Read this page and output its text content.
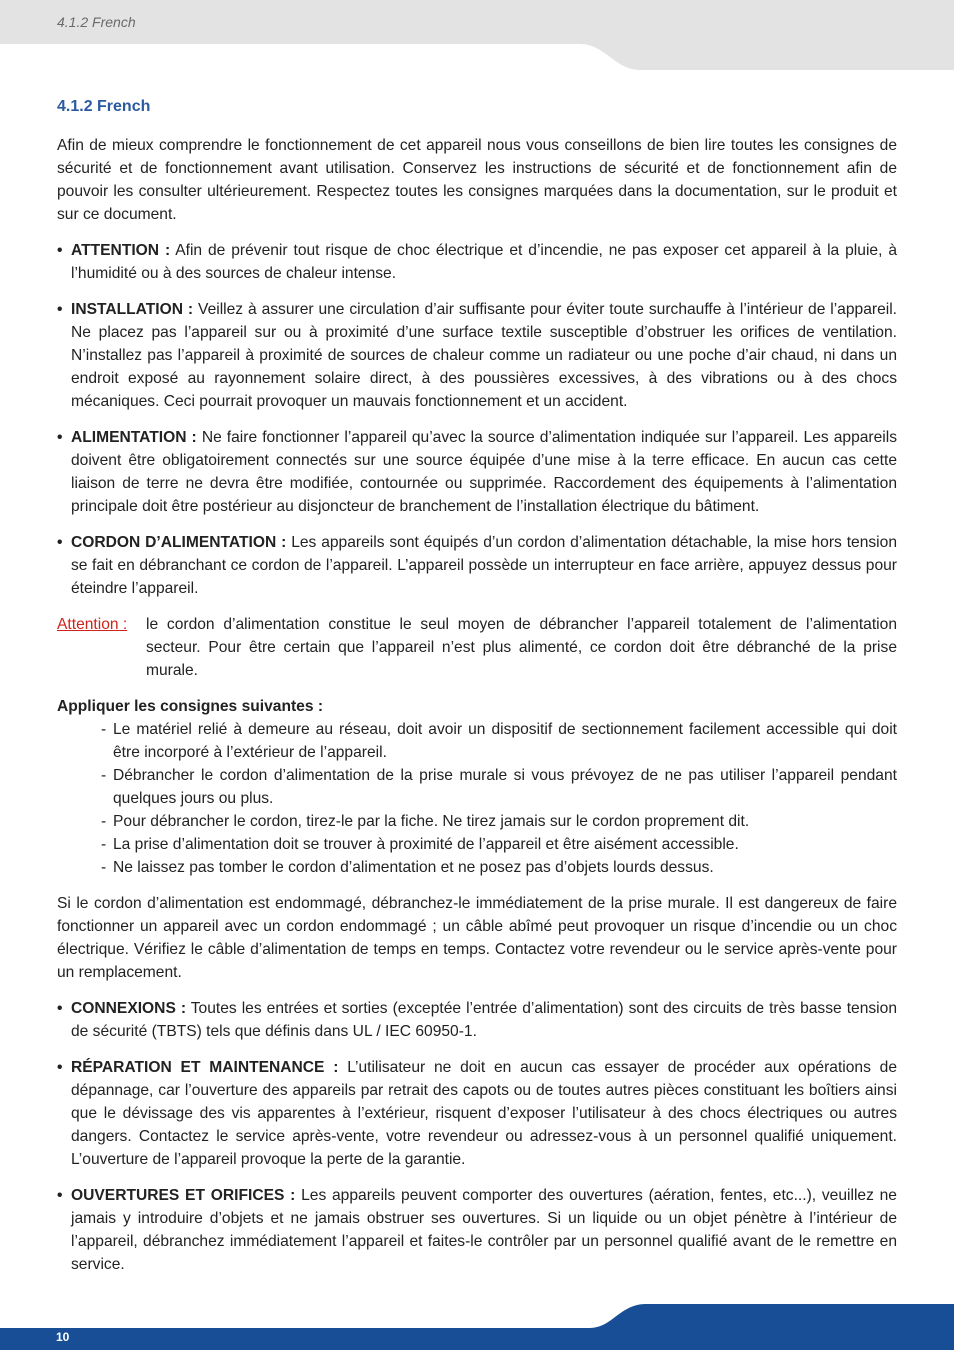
4.1.2 French
4.1.2 French

Afin de mieux comprendre le fonctionnement de cet appareil nous vous conseillons de bien lire toutes les consignes de sécurité et de fonctionnement avant utilisation. Conservez les instructions de sécurité et de fonctionnement afin de pouvoir les consulter ultérieurement. Respectez toutes les consignes marquées dans la documentation, sur le produit et sur ce document.

• ATTENTION : Afin de prévenir tout risque de choc électrique et d’incendie, ne pas exposer cet appareil à la pluie, à l’humidité ou à des sources de chaleur intense.
• INSTALLATION : Veillez à assurer une circulation d’air suffisante pour éviter toute surchauffe à l’intérieur de l’appareil. Ne placez pas l’appareil sur ou à proximité d’une surface textile susceptible d’obstruer les orifices de ventilation. N’installez pas l’appareil à proximité de sources de chaleur comme un radiateur ou une poche d’air chaud, ni dans un endroit exposé au rayonnement solaire direct, à des poussières excessives, à des vibrations ou à des chocs mécaniques. Ceci pourrait provoquer un mauvais fonctionnement et un accident.
• ALIMENTATION : Ne faire fonctionner l’appareil qu’avec la source d’alimentation indiquée sur l’appareil. Les appareils doivent être obligatoirement connectés sur une source équipée d’une mise à la terre efficace. En aucun cas cette liaison de terre ne devra être modifiée, contournée ou supprimée. Raccordement des équipements à l’alimentation principale doit être postérieur au disjoncteur de branchement de l’installation électrique du bâtiment.
• CORDON D’ALIMENTATION : Les appareils sont équipés d’un cordon d’alimentation détachable, la mise hors tension se fait en débranchant ce cordon de l’appareil. L’appareil possède un interrupteur en face arrière, appuyez dessus pour éteindre l’appareil.
Attention :	le cordon d’alimentation constitue le seul moyen de débrancher l’appareil totalement de l’alimentation secteur. Pour être certain que l’appareil n’est plus alimenté, ce cordon doit être débranché de la prise murale.

Appliquer les consignes suivantes :

- Le matériel relié à demeure au réseau, doit avoir un dispositif de sectionnement facilement accessible qui doit être incorporé à l’extérieur de l’appareil.
- Débrancher le cordon d’alimentation de la prise murale si vous prévoyez de ne pas utiliser l’appareil pendant quelques jours ou plus.
- Pour débrancher le cordon, tirez-le par la fiche. Ne tirez jamais sur le cordon proprement dit.
- La prise d’alimentation doit se trouver à proximité de l’appareil et être aisément accessible.
- Ne laissez pas tomber le cordon d’alimentation et ne posez pas d’objets lourds dessus.

Si le cordon d’alimentation est endommagé, débranchez-le immédiatement de la prise murale. Il est dangereux de faire fonctionner un appareil avec un cordon endommagé ; un câble abîmé peut provoquer un risque d’incendie ou un choc électrique. Vérifiez le câble d’alimentation de temps en temps. Contactez votre revendeur ou le service après-vente pour un remplacement.

• CONNEXIONS : Toutes les entrées et sorties (exceptée l’entrée d’alimentation) sont des circuits de très basse tension de sécurité (TBTS) tels que définis dans UL / IEC 60950-1.
• RÉPARATION ET MAINTENANCE : L’utilisateur ne doit en aucun cas essayer de procéder aux opérations de dépannage, car l’ouverture des appareils par retrait des capots ou de toutes autres pièces constituant les boîtiers ainsi que le dévissage des vis apparentes à l’extérieur, risquent d’exposer l’utilisateur à des chocs électriques ou autres dangers. Contactez le service après-vente, votre revendeur ou adressez-vous à un personnel qualifié uniquement. L’ouverture de l’appareil provoque la perte de la garantie.
• OUVERTURES ET ORIFICES : Les appareils peuvent comporter des ouvertures (aération, fentes, etc...), veuillez ne jamais y introduire d’objets et ne jamais obstruer ses ouvertures. Si un liquide ou un objet pénètre à l’intérieur de l’appareil, débranchez immédiatement l’appareil et faites-le contrôler par un personnel qualifié avant de le remettre en service.
10
